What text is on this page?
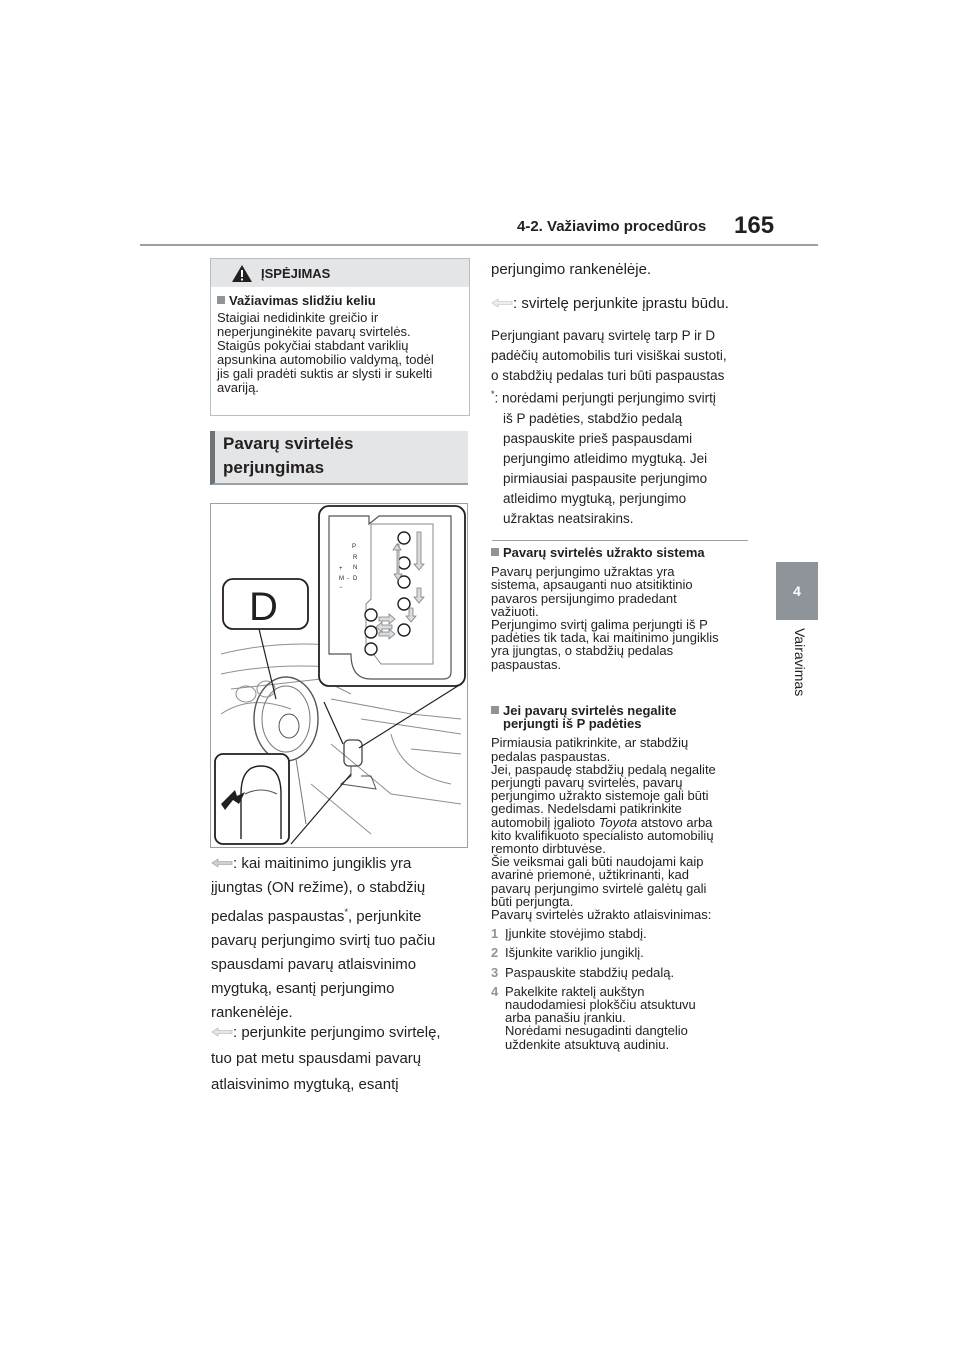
4-2. Važiavimo procedūros 165
4
Vairavimas
ĮSPĖJIMAS
Važiavimas slidžiu keliu
Staigiai nedidinkite greičio ir
neperjunginėkite pavarų svirtelės.
Staigūs pokyčiai stabdant variklių
apsunkina automobilio valdymą, todėl
jis gali pradėti suktis ar slysti ir sukelti
avariją.
Pavarų svirtelės
perjungimas
D
P
R
N
D
+
M
−
-
: kai maitinimo jungiklis yra
įjungtas (ON režime), o stabdžių
pedalas paspaustas*, perjunkite
pavarų perjungimo svirtį tuo pačiu
spausdami pavarų atlaisvinimo
mygtuką, esantį perjungimo
rankenėlėje.
: perjunkite perjungimo svirtelę,
tuo pat metu spausdami pavarų
atlaisvinimo mygtuką, esantį
perjungimo rankenėlėje.
: svirtelę perjunkite įprastu būdu.
Perjungiant pavarų svirtelę tarp P ir D
padėčių automobilis turi visiškai sustoti,
o stabdžių pedalas turi būti paspaustas
*: norėdami perjungti perjungimo svirtį
iš P padėties, stabdžio pedalą
paspauskite prieš paspausdami
perjungimo atleidimo mygtuką. Jei
pirmiausiai paspausite perjungimo
atleidimo mygtuką, perjungimo
užraktas neatsirakins.
Pavarų svirtelės užrakto sistema
Pavarų perjungimo užraktas yra
sistema, apsauganti nuo atsitiktinio
pavaros persijungimo pradedant
važiuoti.
Perjungimo svirtį galima perjungti iš P
padėties tik tada, kai maitinimo jungiklis
yra įjungtas, o stabdžių pedalas
paspaustas.
Jei pavarų svirtelės negalite
perjungti iš P padėties
Pirmiausia patikrinkite, ar stabdžių
pedalas paspaustas.
Jei, paspaudę stabdžių pedalą negalite
perjungti pavarų svirtelės, pavarų
perjungimo užrakto sistemoje gali būti
gedimas. Nedelsdami patikrinkite
automobilį įgalioto Toyota atstovo arba
kito kvalifikuoto specialisto automobilių
remonto dirbtuvėse.
Šie veiksmai gali būti naudojami kaip
avarinė priemonė, užtikrinanti, kad
pavarų perjungimo svirtelė galėtų gali
būti perjungta.
Pavarų svirtelės užrakto atlaisvinimas:
1 Įjunkite stovėjimo stabdį.
2 Išjunkite variklio jungiklį.
3 Paspauskite stabdžių pedalą.
4 Pakelkite raktelį aukštyn
naudodamiesi plokščiu atsuktuvu
arba panašiu įrankiu.
Norėdami nesugadinti dangtelio
uždenkite atsuktuvą audiniu.
